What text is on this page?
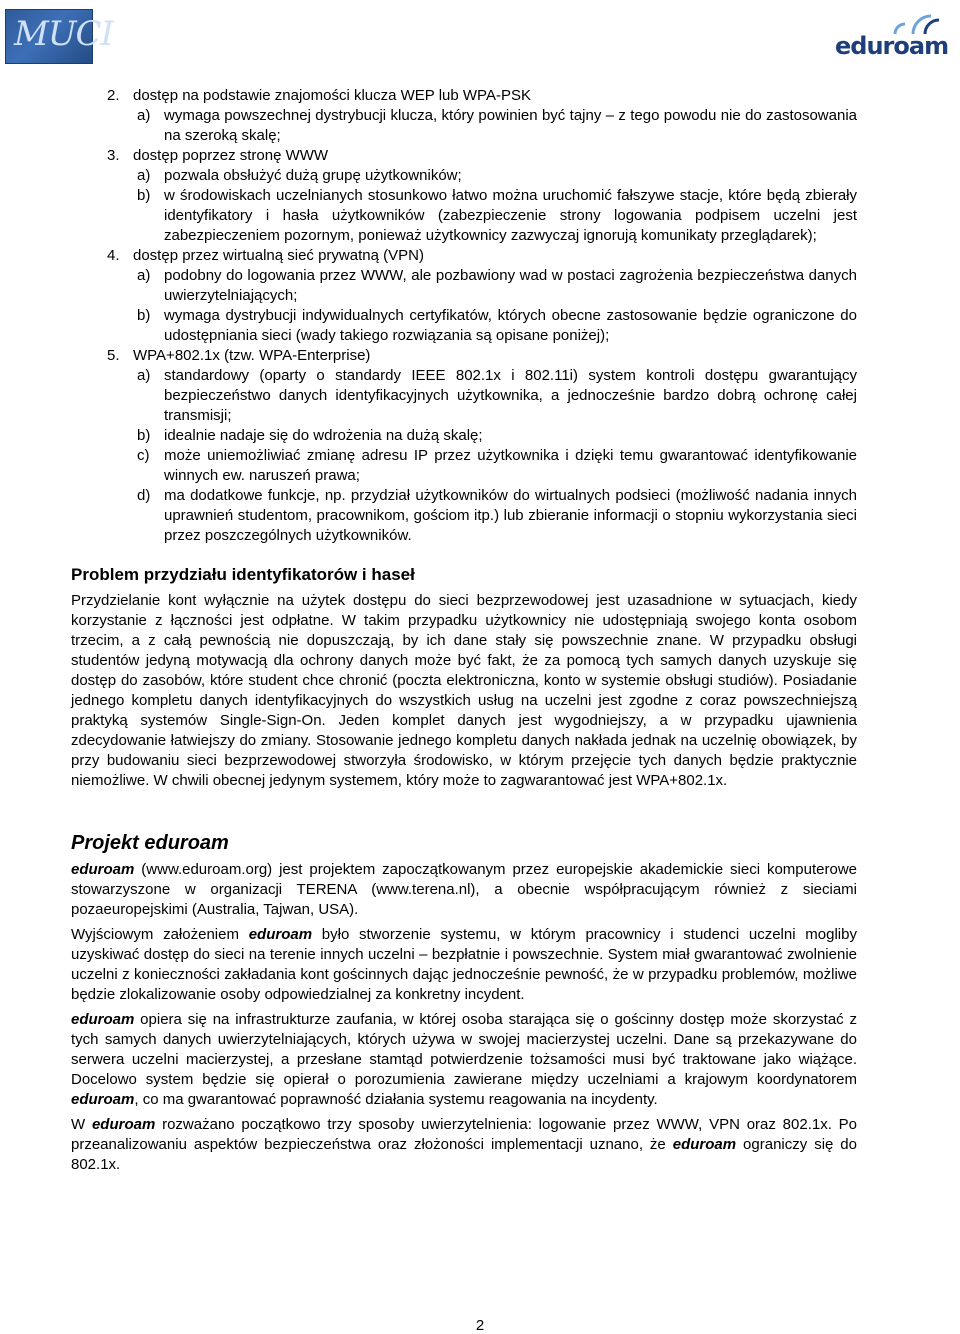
MUCI	eduroam
2. dostęp na podstawie znajomości klucza WEP lub WPA-PSK
a) wymaga powszechnej dystrybucji klucza, który powinien być tajny – z tego powodu nie do zastosowania na szeroką skalę;
3. dostęp poprzez stronę WWW
a) pozwala obsłużyć dużą grupę użytkowników;
b) w środowiskach uczelnianych stosunkowo łatwo można uruchomić fałszywe stacje, które będą zbierały identyfikatory i hasła użytkowników (zabezpieczenie strony logowania podpisem uczelni jest zabezpieczeniem pozornym, ponieważ użytkownicy zazwyczaj ignorują komunikaty przeglądarek);
4. dostęp przez wirtualną sieć prywatną (VPN)
a) podobny do logowania przez WWW, ale pozbawiony wad w postaci zagrożenia bezpieczeństwa danych uwierzytelniających;
b) wymaga dystrybucji indywidualnych certyfikatów, których obecne zastosowanie będzie ograniczone do udostępniania sieci (wady takiego rozwiązania są opisane poniżej);
5. WPA+802.1x (tzw. WPA-Enterprise)
a) standardowy (oparty o standardy IEEE 802.1x i 802.11i) system kontroli dostępu gwarantujący bezpieczeństwo danych identyfikacyjnych użytkownika, a jednocześnie bardzo dobrą ochronę całej transmisji;
b) idealnie nadaje się do wdrożenia na dużą skalę;
c) może uniemożliwiać zmianę adresu IP przez użytkownika i dzięki temu gwarantować identyfikowanie winnych ew. naruszeń prawa;
d) ma dodatkowe funkcje, np. przydział użytkowników do wirtualnych podsieci (możliwość nadania innych uprawnień studentom, pracownikom, gościom itp.) lub zbieranie informacji o stopniu wykorzystania sieci przez poszczególnych użytkowników.
Problem przydziału identyfikatorów i haseł

Przydzielanie kont wyłącznie na użytek dostępu do sieci bezprzewodowej jest uzasadnione w sytuacjach, kiedy korzystanie z łączności jest odpłatne. W takim przypadku użytkownicy nie udostępniają swojego konta osobom trzecim, a z całą pewnością nie dopuszczają, by ich dane stały się powszechnie znane. W przypadku obsługi studentów jedyną motywacją dla ochrony danych może być fakt, że za pomocą tych samych danych uzyskuje się dostęp do zasobów, które student chce chronić (poczta elektroniczna, konto w systemie obsługi studiów). Posiadanie jednego kompletu danych identyfikacyjnych do wszystkich usług na uczelni jest zgodne z coraz powszechniejszą praktyką systemów Single-Sign-On. Jeden komplet danych jest wygodniejszy, a w przypadku ujawnienia zdecydowanie łatwiejszy do zmiany. Stosowanie jednego kompletu danych nakłada jednak na uczelnię obowiązek, by przy budowaniu sieci bezprzewodowej stworzyła środowisko, w którym przejęcie tych danych będzie praktycznie niemożliwe. W chwili obecnej jedynym systemem, który może to zagwarantować jest WPA+802.1x.

Projekt eduroam

eduroam (www.eduroam.org) jest projektem zapoczątkowanym przez europejskie akademickie sieci komputerowe stowarzyszone w organizacji TERENA (www.terena.nl), a obecnie współpracującym również z sieciami pozaeuropejskimi (Australia, Tajwan, USA).

Wyjściowym założeniem eduroam było stworzenie systemu, w którym pracownicy i studenci uczelni mogliby uzyskiwać dostęp do sieci na terenie innych uczelni – bezpłatnie i powszechnie. System miał gwarantować zwolnienie uczelni z konieczności zakładania kont gościnnych dając jednocześnie pewność, że w przypadku problemów, możliwe będzie zlokalizowanie osoby odpowiedzialnej za konkretny incydent.

eduroam opiera się na infrastrukturze zaufania, w której osoba starająca się o gościnny dostęp może skorzystać z tych samych danych uwierzytelniających, których używa w swojej macierzystej uczelni. Dane są przekazywane do serwera uczelni macierzystej, a przesłane stamtąd potwierdzenie tożsamości musi być traktowane jako wiążące. Docelowo system będzie się opierał o porozumienia zawierane między uczelniami a krajowym koordynatorem eduroam, co ma gwarantować poprawność działania systemu reagowania na incydenty.

W eduroam rozważano początkowo trzy sposoby uwierzytelnienia: logowanie przez WWW, VPN oraz 802.1x. Po przeanalizowaniu aspektów bezpieczeństwa oraz złożoności implementacji uznano, że eduroam ograniczy się do 802.1x.

2
